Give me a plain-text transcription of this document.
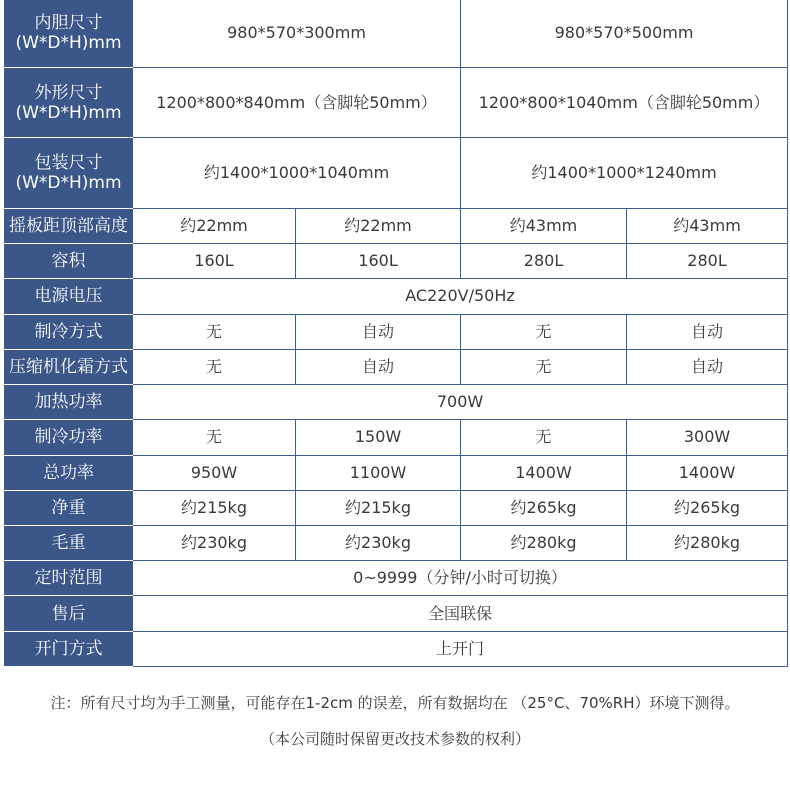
内胆尺寸
(W*D*H)mm	980*570*300mm		980*570*500mm	
外形尺寸
(W*D*H)mm	1200*800*840mm（含脚轮50mm）		1200*800*1040mm（含脚轮50mm）	
包装尺寸
(W*D*H)mm	约1400*1000*1040mm		约1400*1000*1240mm	
摇板距顶部高度	约22mm	约22mm	约43mm	约43mm
容积	160L	160L	280L	280L
电源电压	AC220V/50Hz			
制冷方式	无	自动	无	自动
压缩机化霜方式	无	自动	无	自动
加热功率	700W			
制冷功率	无	150W	无	300W
总功率	950W	1100W	1400W	1400W
净重	约215kg	约215kg	约265kg	约265kg
毛重	约230kg	约230kg	约280kg	约280kg
定时范围	0~9999（分钟/小时可切换）			
售后	全国联保			
开门方式	上开门			
注：所有尺寸均为手工测量，可能存在1-2cm 的误差，所有数据均在 （25°C、70%RH）环境下测得。
（本公司随时保留更改技术参数的权利）
